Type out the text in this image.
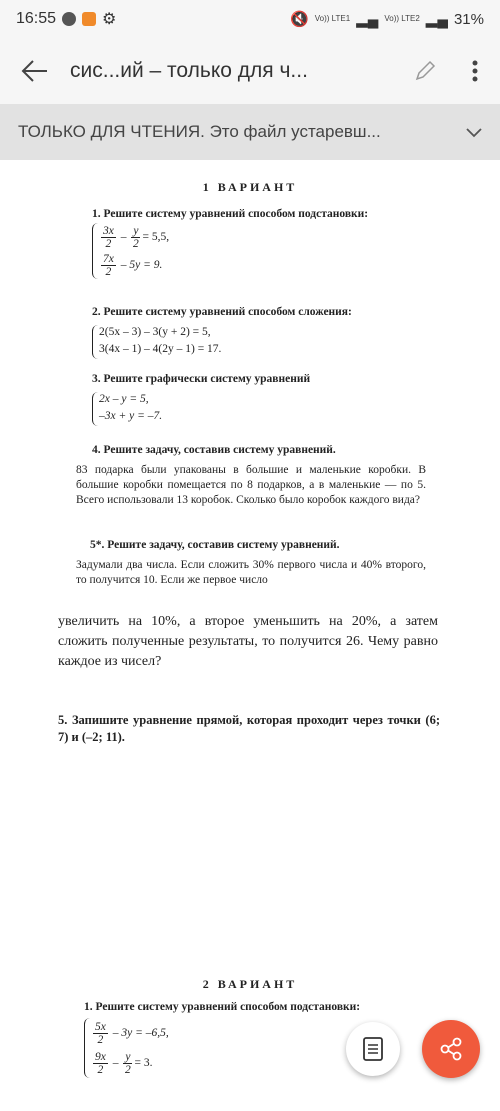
16:55	⚙	🔇 Vo)) LTE1 ▂▄ Vo)) LTE2 ▂▄ 31%
сис...ий – только для ч...
ТОЛЬКО ДЛЯ ЧТЕНИЯ. Это файл устаревш...
1 ВАРИАНТ
1. Решите систему уравнений способом подстановки:
$\frac{3x}{2} - \frac{y}{2} = 5,5$,
$\frac{7x}{2}$
– 5y = 9.
2. Решите систему уравнений способом сложения:
2(5x – 3) – 3(y + 2) = 5,
3(4x – 1) – 4(2y – 1) = 17.
3. Решите графически систему уравнений
2x – y = 5,
–3x + y = –7.
4. Решите задачу, составив систему уравнений.
83 подарка были упакованы в большие и маленькие коробки. В большие коробки помещается по 8 подарков, а в маленькие — по 5. Всего использовали 13 коробок. Сколько было коробок каждого вида?
5*. Решите задачу, составив систему уравнений.
Задумали два числа. Если сложить 30% первого числа и 40% второго, то получится 10. Если же первое число
увеличить на 10%, а второе уменьшить на 20%, а затем сложить полученные результаты, то получится 26. Чему равно каждое из чисел?
5. Запишите уравнение прямой, которая проходит через точки (6; 7) и (–2; 11).
2 ВАРИАНТ
1. Решите систему уравнений способом подстановки:
$\frac{5x}{2}$
– 3y = –6,5,
$\frac{9x}{2} - \frac{y}{2} = 3$.
